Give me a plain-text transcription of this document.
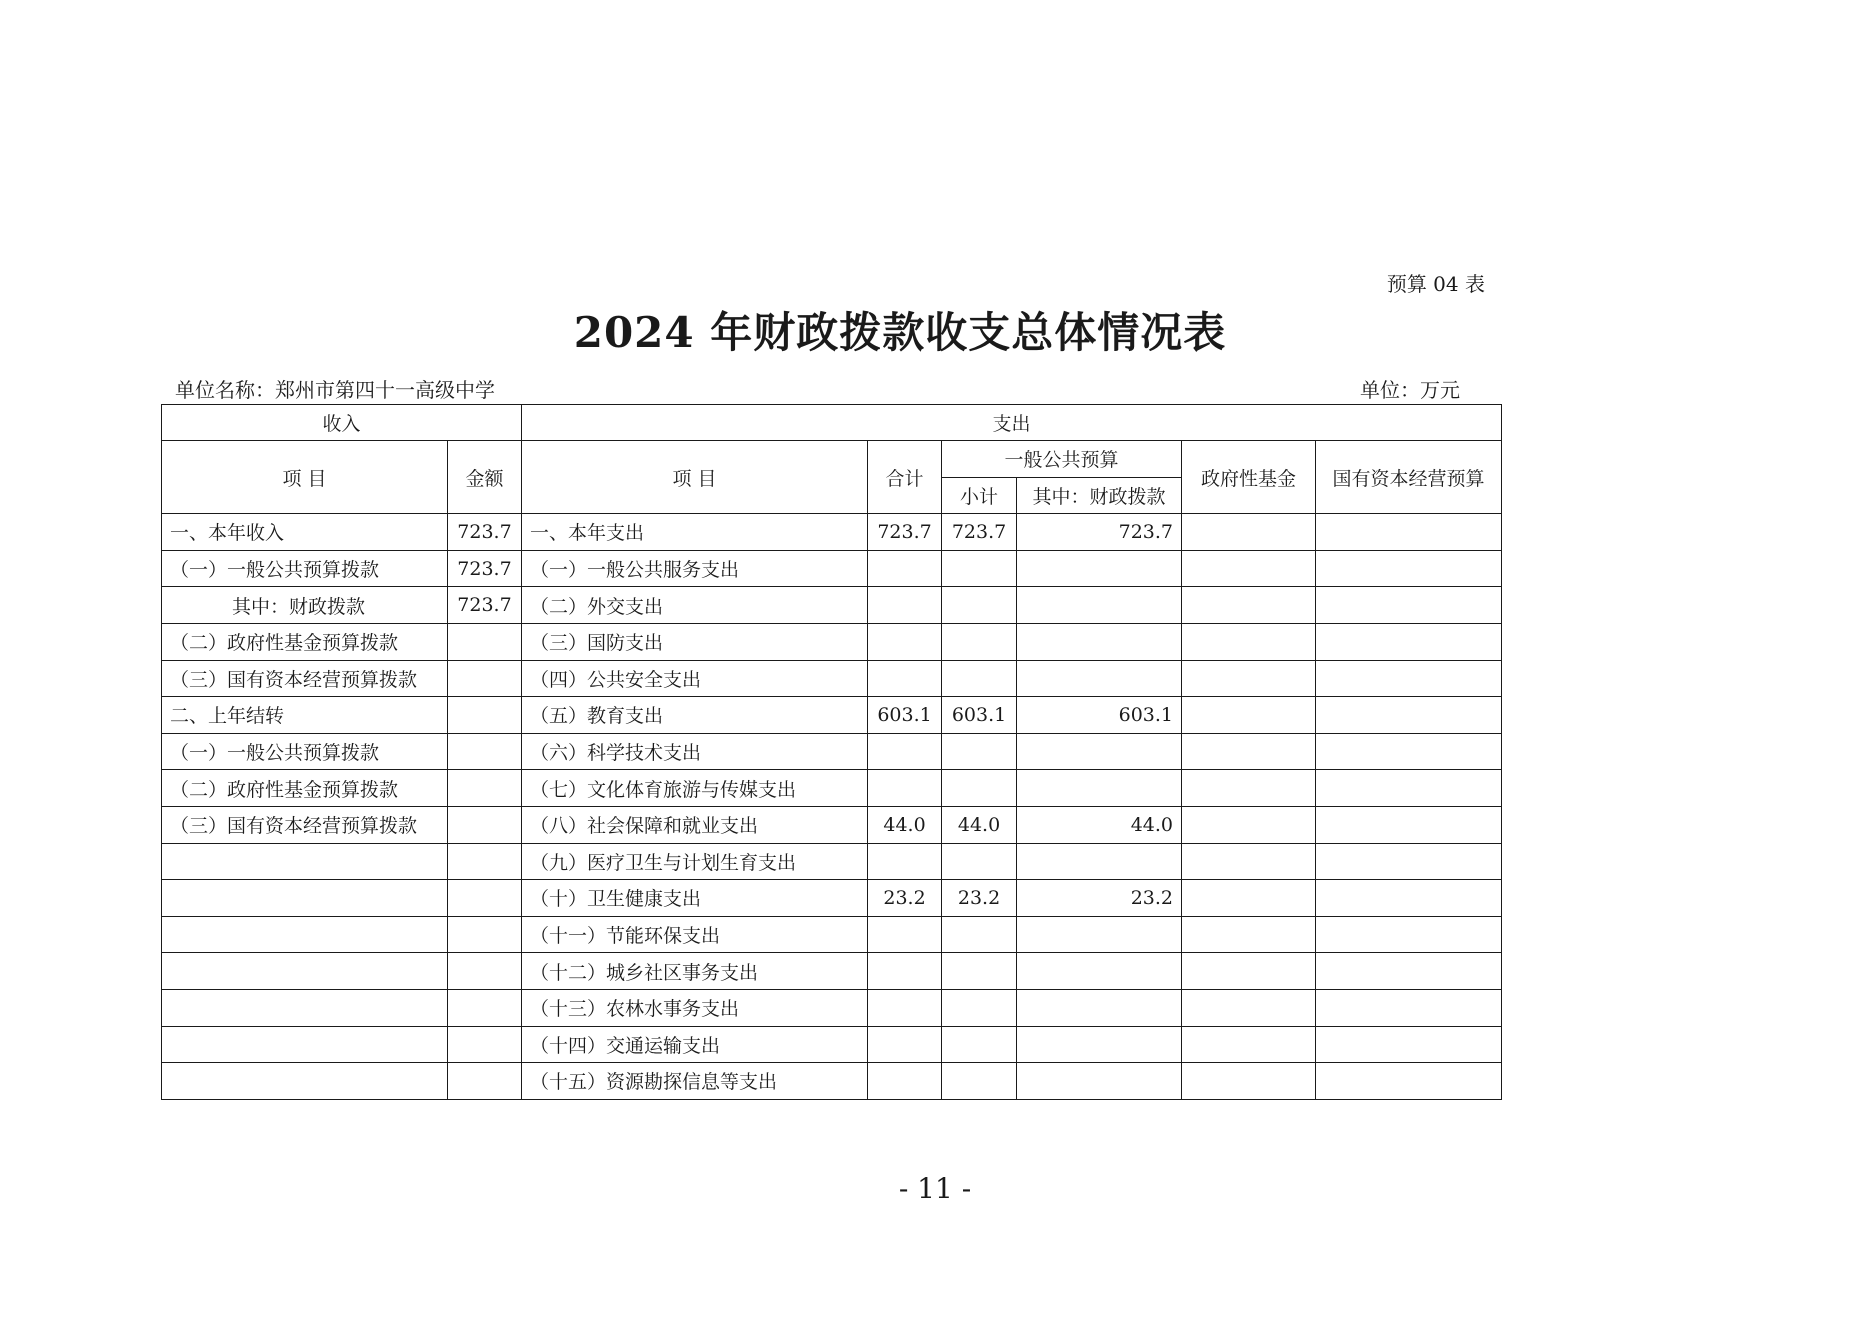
预算 04 表
2024 年财政拨款收支总体情况表
单位名称：郑州市第四十一高级中学	单位：万元
收入		支出					
项 目	金额	项 目	合计	一般公共预算		政府性基金	国有资本经营预算
				小计	其中：财政拨款		
一、本年收入	723.7	一、本年支出	723.7	723.7	723.7		
（一）一般公共预算拨款	723.7	（一）一般公共服务支出					
其中：财政拨款	723.7	（二）外交支出					
（二）政府性基金预算拨款		（三）国防支出					
（三）国有资本经营预算拨款		（四）公共安全支出					
二、上年结转		（五）教育支出	603.1	603.1	603.1		
（一）一般公共预算拨款		（六）科学技术支出					
（二）政府性基金预算拨款		（七）文化体育旅游与传媒支出					
（三）国有资本经营预算拨款		（八）社会保障和就业支出	44.0	44.0	44.0		
		（九）医疗卫生与计划生育支出					
		（十）卫生健康支出	23.2	23.2	23.2		
		（十一）节能环保支出					
		（十二）城乡社区事务支出					
		（十三）农林水事务支出					
		（十四）交通运输支出					
		（十五）资源勘探信息等支出					
- 11 -
